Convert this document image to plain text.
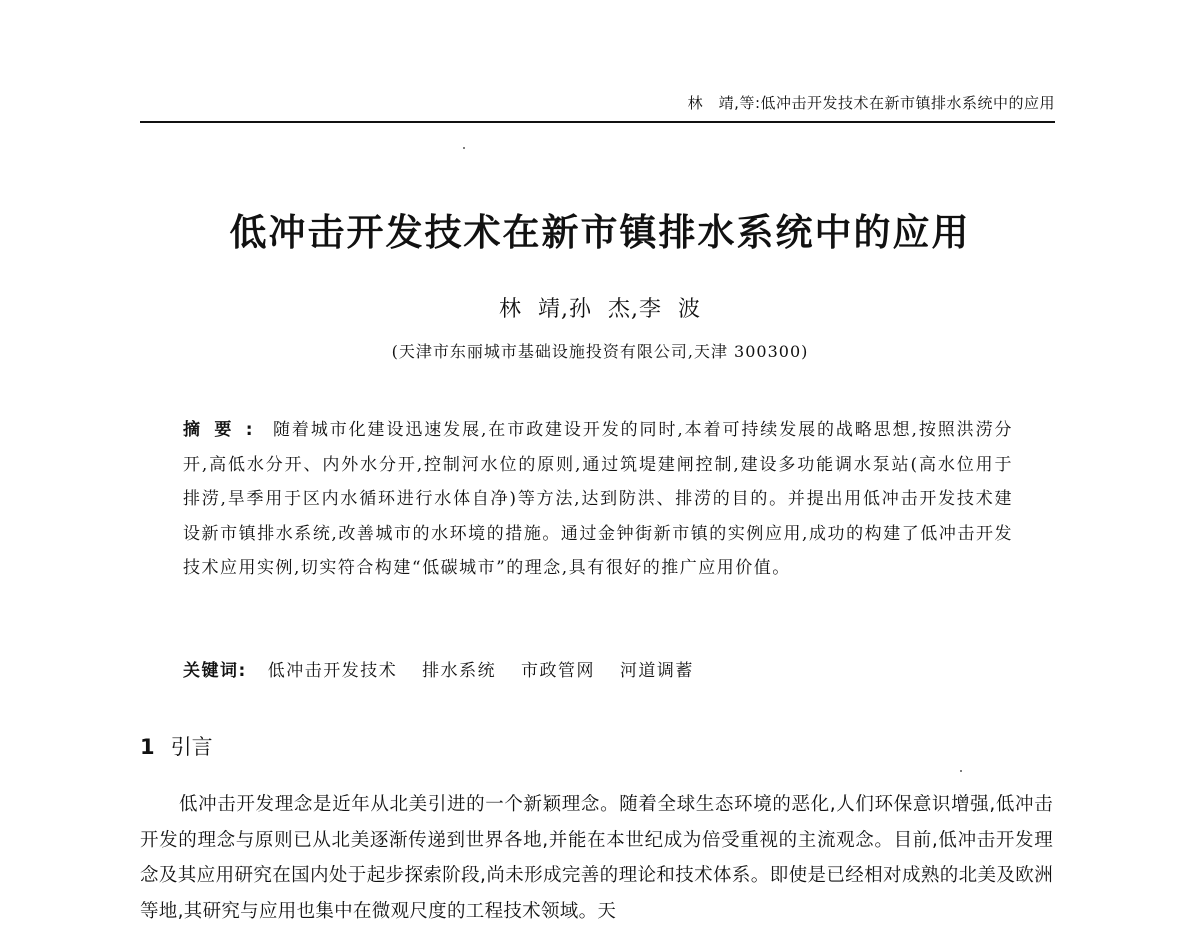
林　靖,等:低冲击开发技术在新市镇排水系统中的应用
低冲击开发技术在新市镇排水系统中的应用
林  靖,孙  杰,李  波
(天津市东丽城市基础设施投资有限公司,天津 300300)
摘要: 随着城市化建设迅速发展,在市政建设开发的同时,本着可持续发展的战略思想,按照洪涝分开,高低水分开、内外水分开,控制河水位的原则,通过筑堤建闸控制,建设多功能调水泵站(高水位用于排涝,旱季用于区内水循环进行水体自净)等方法,达到防洪、排涝的目的。并提出用低冲击开发技术建设新市镇排水系统,改善城市的水环境的措施。通过金钟街新市镇的实例应用,成功的构建了低冲击开发技术应用实例,切实符合构建“低碳城市”的理念,具有很好的推广应用价值。
关键词: 低冲击开发技术 排水系统 市政管网 河道调蓄
1 引言
低冲击开发理念是近年从北美引进的一个新颖理念。随着全球生态环境的恶化,人们环保意识增强,低冲击开发的理念与原则已从北美逐渐传递到世界各地,并能在本世纪成为倍受重视的主流观念。目前,低冲击开发理念及其应用研究在国内处于起步探索阶段,尚未形成完善的理论和技术体系。即使是已经相对成熟的北美及欧洲等地,其研究与应用也集中在微观尺度的工程技术领域。天
